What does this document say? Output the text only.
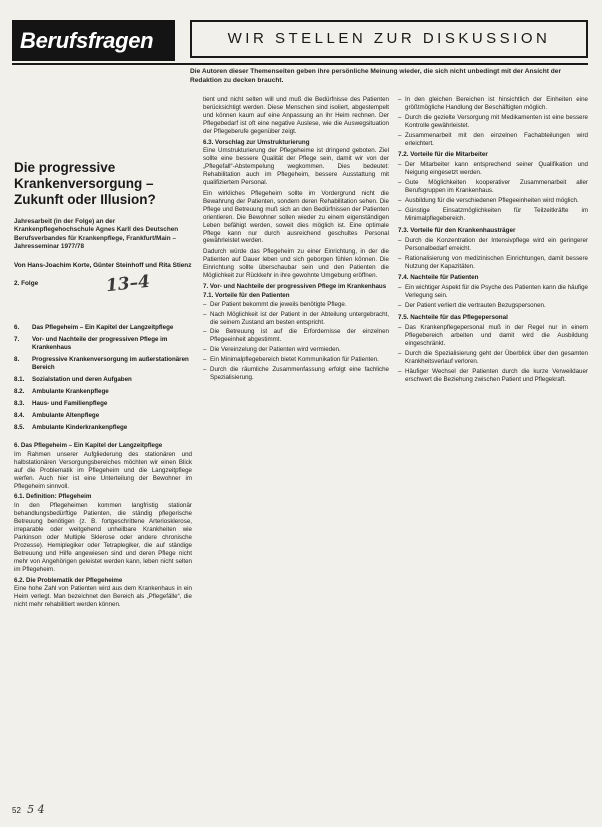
Berufsfragen	WIR STELLEN ZUR DISKUSSION
Die Autoren dieser Themenseiten geben ihre persönliche Meinung wieder, die sich nicht unbedingt mit der Ansicht der Redaktion zu decken braucht.
Die progressive Krankenversorgung – Zukunft oder Illusion?

Jahresarbeit (in der Folge) an der Krankenpflegehochschule Agnes Karll des Deutschen Berufsverbandes für Krankenpflege, Frankfurt/Main – Jahresseminar 1977/78

Von Hans-Joachim Korte, Günter Steinhoff und Rita Stienz

2. Folge	13–4
6.	Das Pflegeheim – Ein Kapitel der Langzeitpflege
7.	Vor- und Nachteile der progressiven Pflege im Krankenhaus
8.	Progressive Krankenversorgung im außerstationären Bereich
8.1.	Sozialstation und deren Aufgaben
8.2.	Ambulante Krankenpflege
8.3.	Haus- und Familienpflege
8.4.	Ambulante Altenpflege
8.5.	Ambulante Kinderkrankenpflege

6. Das Pflegeheim – Ein Kapitel der Langzeitpflege

Im Rahmen unserer Aufgliederung des stationären und halbstationären Versorgungsbereiches möchten wir einen Blick auf die Problematik im Pflegeheim und die Langzeitpflege werfen. Auch hier ist eine Unterteilung der Bewohner im Pflegeheim sinnvoll.

6.1. Definition: Pflegeheim

In den Pflegeheimen kommen langfristig stationär behandlungsbedürftige Patienten, die ständig pflegerische Betreuung benötigen (z. B. fortgeschrittene Arteriosklerose, irreparable oder weitgehend unheilbare Krankheiten wie Parkinson oder Multiple Sklerose oder andere chronische Prozesse). Hemiplegiker oder Tetraplegiker, die auf ständige Betreuung und Hilfe angewiesen sind und deren Pflege nicht mehr von Angehörigen geleistet werden kann, leben nicht selten im Pflegeheim.

6.2. Die Problematik der Pflegeheime

Eine hohe Zahl von Patienten wird aus dem Krankenhaus in ein Heim verlegt. Man bezeichnet den Bereich als „Pflegefälle“, die nicht mehr rehabilitiert werden können.

tient und nicht selten will und muß die Bedürfnisse des Patienten berücksichtigt werden. Diese Menschen sind isoliert, abgestempelt und können kaum auf eine Anpassung an ihr Heim rechnen. Der Pflegebedarf ist oft eine negative Auslese, wie die Auswegsituation der Pflegeberufe gegenüber zeigt.

6.3. Vorschlag zur Umstrukturierung

Eine Umstrukturierung der Pflegeheime ist dringend geboten. Ziel sollte eine bessere Qualität der Pflege sein, damit wir von der „Pflegefall“-Abstempelung wegkommen. Dies bedeutet: Rehabilitation auch im Pflegeheim, bessere Ausstattung mit qualifiziertem Personal.

Ein wirkliches Pflegeheim sollte im Vordergrund nicht die Bewahrung der Patienten, sondern deren Rehabilitation sehen. Die Pflege und Betreuung muß sich an den Bedürfnissen der Patienten orientieren. Die Bewohner sollen wieder zu einem eigenständigen Leben befähigt werden, soweit dies möglich ist. Eine optimale Pflege kann nur durch ausreichend geschultes Personal gewährleistet werden.

Dadurch würde das Pflegeheim zu einer Einrichtung, in der die Patienten auf Dauer leben und sich geborgen fühlen können. Die Einrichtung sollte überschaubar sein und den Patienten die Möglichkeit zur Rückkehr in ihre gewohnte Umgebung eröffnen.

7. Vor- und Nachteile der progressiven Pflege im Krankenhaus

7.1. Vorteile für den Patienten

– Der Patient bekommt die jeweils benötigte Pflege.
– Nach Möglichkeit ist der Patient in der Abteilung untergebracht, die seinem Zustand am besten entspricht.
– Die Betreuung ist auf die Erfordernisse der einzelnen Pflegeeinheit abgestimmt.
– Die Vereinzelung der Patienten wird vermieden.
– Ein Minimalpflegebereich bietet Kommunikation für Patienten.
– Durch die räumliche Zusammenfassung erfolgt eine fachliche Spezialisierung.
– In den gleichen Bereichen ist hinsichtlich der Einheiten eine größtmögliche Handlung der Beschäftigten möglich.
– Durch die gezielte Versorgung mit Medikamenten ist eine bessere Kontrolle gewährleistet.
– Zusammenarbeit mit den einzelnen Fachabteilungen wird erleichtert.
7.2. Vorteile für die Mitarbeiter
– Der Mitarbeiter kann entsprechend seiner Qualifikation und Neigung eingesetzt werden.
– Gute Möglichkeiten kooperativer Zusammenarbeit aller Berufsgruppen im Krankenhaus.
– Ausbildung für die verschiedenen Pflegeeinheiten wird möglich.
– Günstige Einsatzmöglichkeiten für Teilzeitkräfte im Minimalpflegebereich.
7.3. Vorteile für den Krankenhausträger
– Durch die Konzentration der Intensivpflege wird ein geringerer Personalbedarf erreicht.
– Rationalisierung von medizinischen Einrichtungen, damit bessere Nutzung der Kapazitäten.
7.4. Nachteile für Patienten
– Ein wichtiger Aspekt für die Psyche des Patienten kann die häufige Verlegung sein.
– Der Patient verliert die vertrauten Bezugspersonen.
7.5. Nachteile für das Pflegepersonal
– Das Krankenpflegepersonal muß in der Regel nur in einem Pflegebereich arbeiten und damit wird die Ausbildung eingeschränkt.
– Durch die Spezialisierung geht der Überblick über den gesamten Krankheitsverlauf verloren.
– Häufiger Wechsel der Patienten durch die kurze Verweildauer erschwert die Beziehung zwischen Patient und Pflegekraft.
52 5 4
